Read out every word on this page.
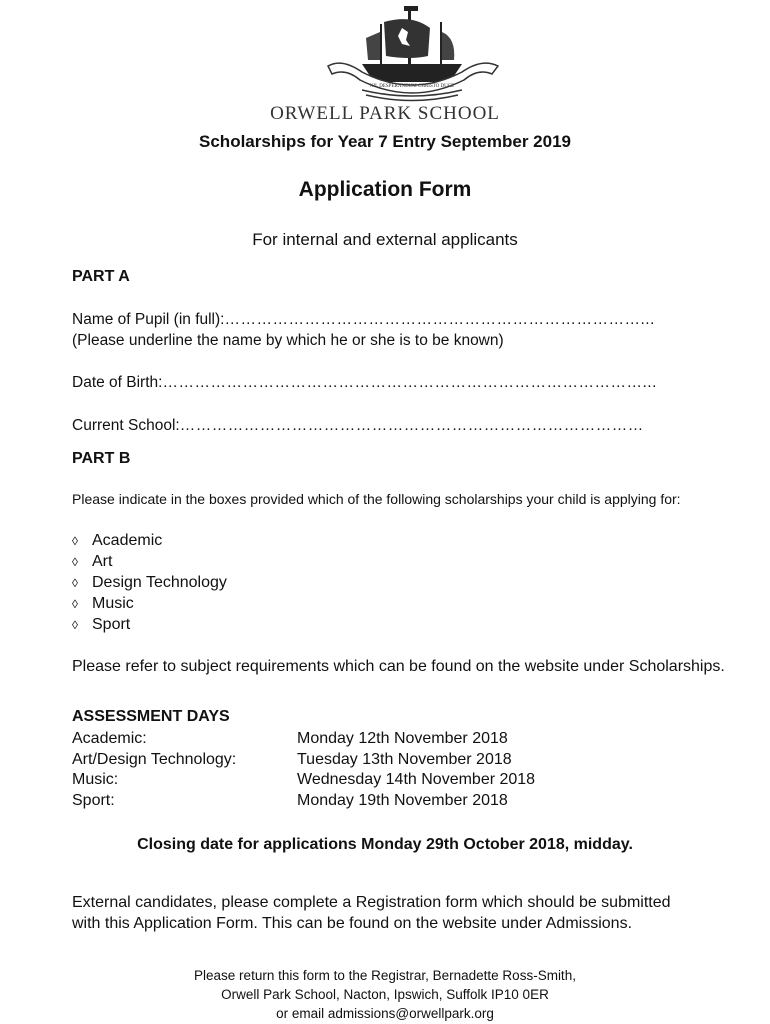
NIL DESPERANDUM CHRISTO DUCE
ORWELL PARK SCHOOL
Scholarships for Year 7 Entry September 2019
Application Form
For internal and external applicants
PART A
Name of Pupil (in full):……………………………………………………………………...
(Please underline the name by which he or she is to be known)
Date of Birth:………………………………………………………………………………...
Current School:……………………………………………………………………………
PART B
Please indicate in the boxes provided which of the following scholarships your child is applying for:
◊ Academic
◊ Art
◊ Design Technology
◊ Music
◊ Sport
Please refer to subject requirements which can be found on the website under Scholarships.
ASSESSMENT DAYS
Academic:	Monday 12th November 2018
Art/Design Technology:	Tuesday 13th November 2018
Music:	Wednesday 14th November 2018
Sport:	Monday 19th November 2018
Closing date for applications Monday 29th October 2018, midday.
External candidates, please complete a Registration form which should be submitted
with this Application Form. This can be found on the website under Admissions.
Please return this form to the Registrar, Bernadette Ross-Smith,
Orwell Park School, Nacton, Ipswich, Suffolk IP10 0ER
or email admissions@orwellpark.org
